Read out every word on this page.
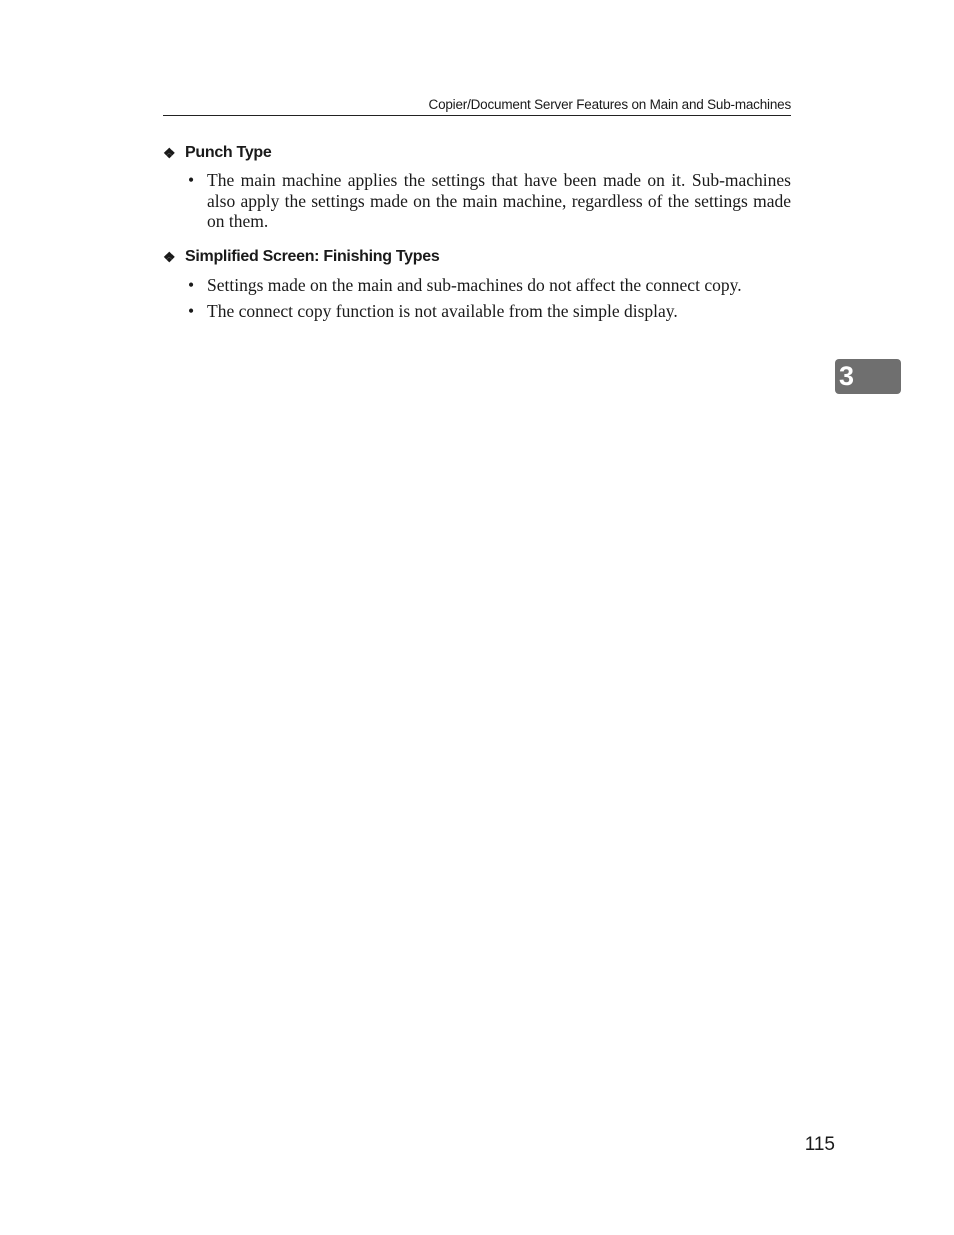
Copier/Document Server Features on Main and Sub-machines
❖ Punch Type
• The main machine applies the settings that have been made on it. Sub-machines also apply the settings made on the main machine, regardless of the settings made on them.
❖ Simplified Screen: Finishing Types
• Settings made on the main and sub-machines do not affect the connect copy.
• The connect copy function is not available from the simple display.
3
115
